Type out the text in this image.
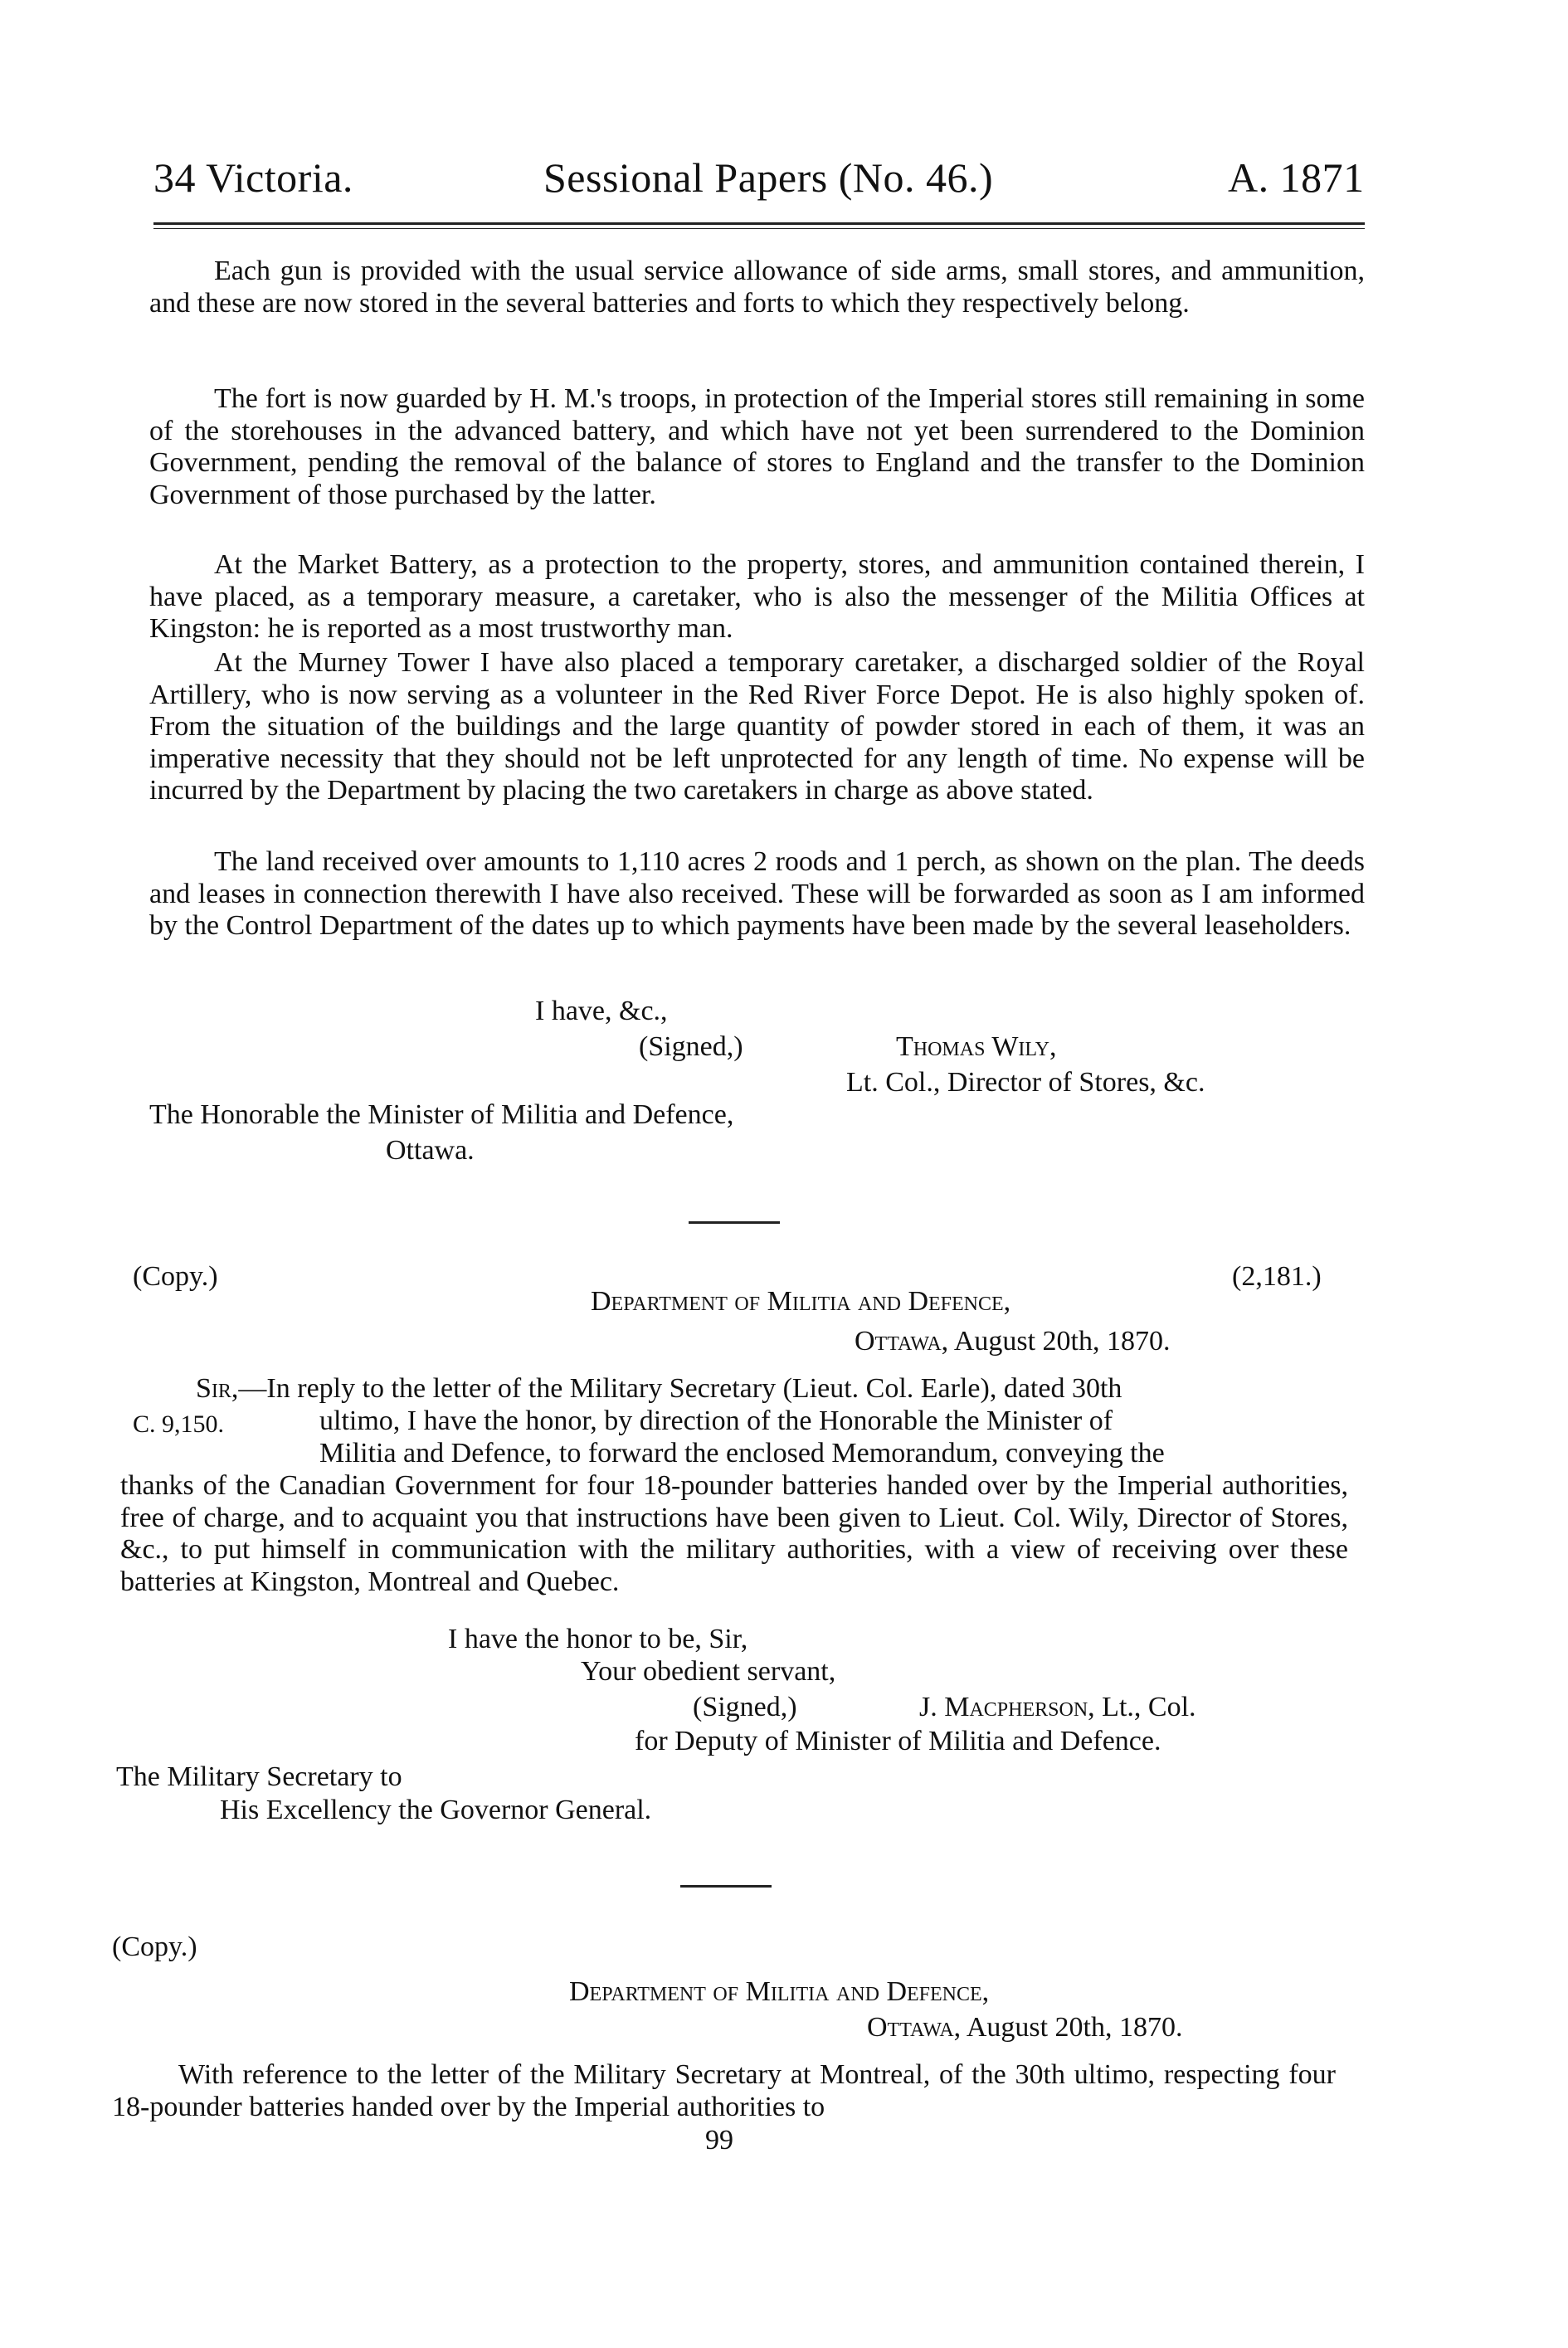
34 Victoria.	Sessional Papers (No. 46.)	A. 1871
Each gun is provided with the usual service allowance of side arms, small stores, and ammunition, and these are now stored in the several batteries and forts to which they respectively belong.
The fort is now guarded by H. M.'s troops, in protection of the Imperial stores still remaining in some of the storehouses in the advanced battery, and which have not yet been surrendered to the Dominion Government, pending the removal of the balance of stores to England and the transfer to the Dominion Government of those purchased by the latter.
At the Market Battery, as a protection to the property, stores, and ammunition contained therein, I have placed, as a temporary measure, a caretaker, who is also the messenger of the Militia Offices at Kingston: he is reported as a most trustworthy man.
At the Murney Tower I have also placed a temporary caretaker, a discharged soldier of the Royal Artillery, who is now serving as a volunteer in the Red River Force Depot. He is also highly spoken of. From the situation of the buildings and the large quantity of powder stored in each of them, it was an imperative necessity that they should not be left unprotected for any length of time. No expense will be incurred by the Department by placing the two caretakers in charge as above stated.
The land received over amounts to 1,110 acres 2 roods and 1 perch, as shown on the plan. The deeds and leases in connection therewith I have also received. These will be forwarded as soon as I am informed by the Control Department of the dates up to which payments have been made by the several leaseholders.
I have, &c.,
(Signed,)	Thomas Wily,
Lt. Col., Director of Stores, &c.
The Honorable the Minister of Militia and Defence,
Ottawa.
(Copy.)	(2,181.)
Department of Militia and Defence,
Ottawa, August 20th, 1870.
Sir,—In reply to the letter of the Military Secretary (Lieut. Col. Earle), dated 30th
C. 9,150.	ultimo, I have the honor, by direction of the Honorable the Minister of
Militia and Defence, to forward the enclosed Memorandum, conveying the
thanks of the Canadian Government for four 18-pounder batteries handed over by the Imperial authorities, free of charge, and to acquaint you that instructions have been given to Lieut. Col. Wily, Director of Stores, &c., to put himself in communication with the military authorities, with a view of receiving over these batteries at Kingston, Montreal and Quebec.
I have the honor to be, Sir,
Your obedient servant,
(Signed,)	J. Macpherson, Lt., Col.
for Deputy of Minister of Militia and Defence.
The Military Secretary to
His Excellency the Governor General.
(Copy.)
Department of Militia and Defence,
Ottawa, August 20th, 1870.
With reference to the letter of the Military Secretary at Montreal, of the 30th ultimo, respecting four 18-pounder batteries handed over by the Imperial authorities to
99
